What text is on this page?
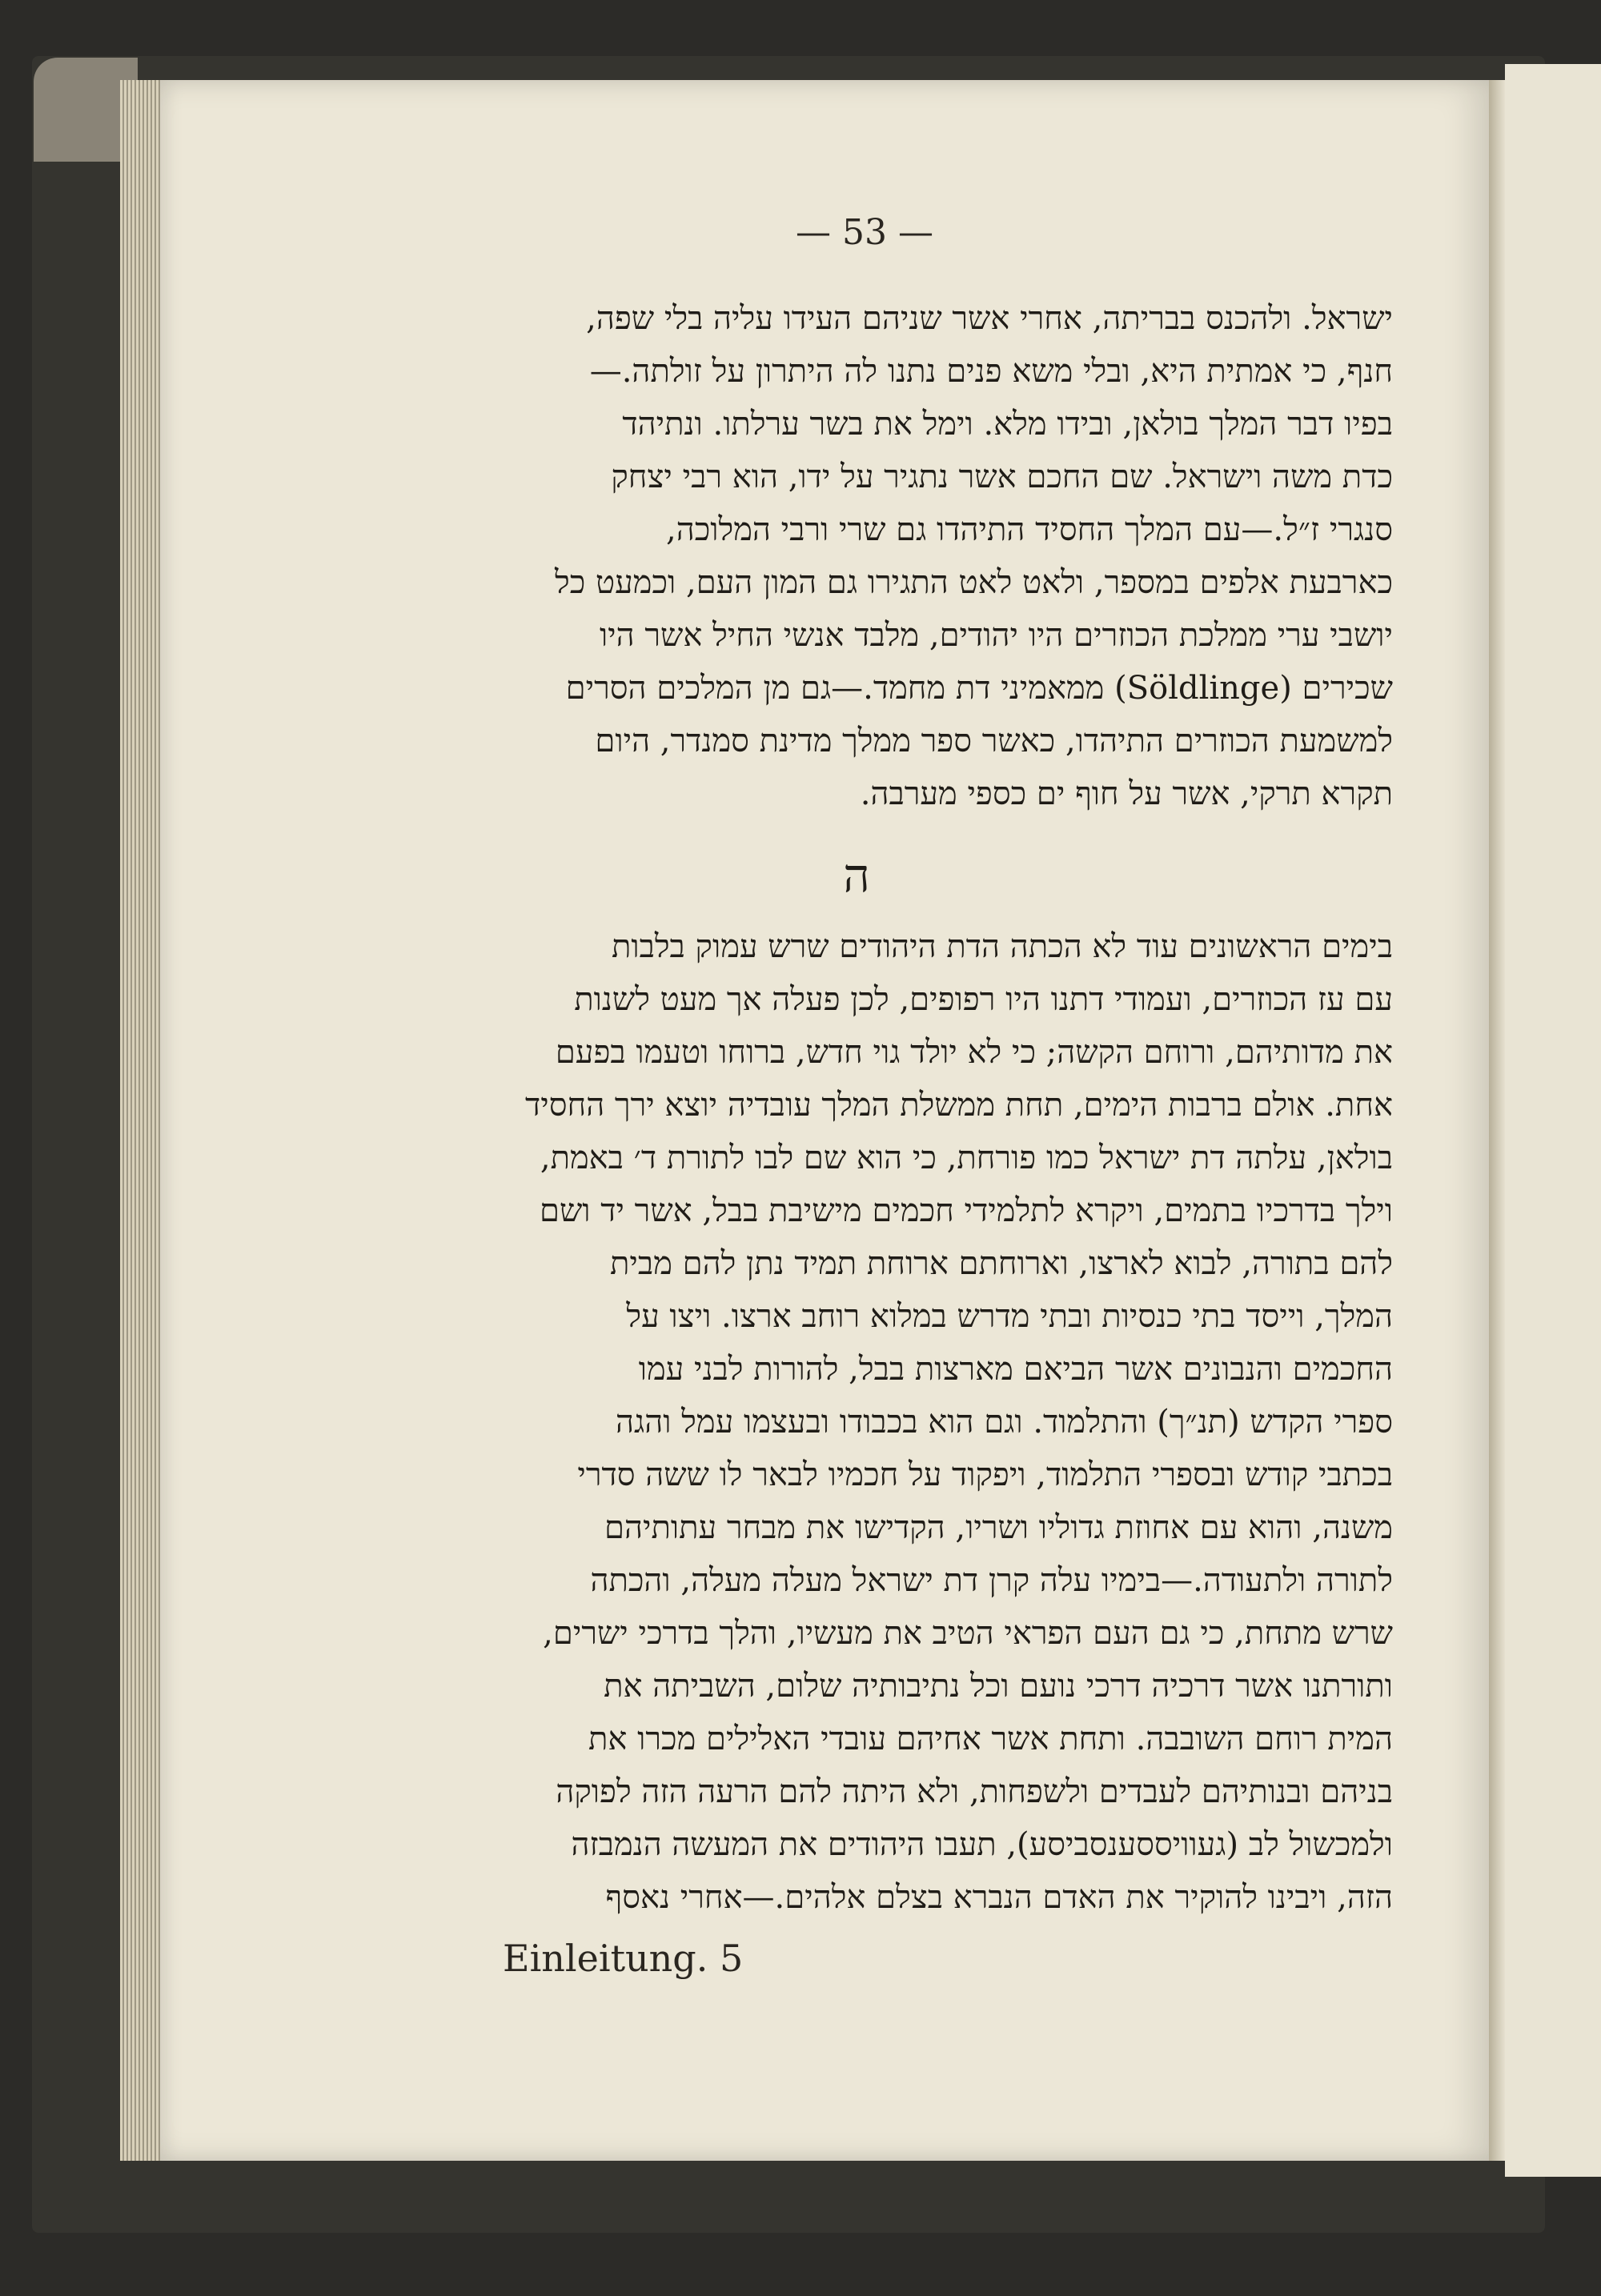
— 53 —
ישראל. ולהכנס בבריתה, אחרי אשר שניהם העידו עליה בלי שפה,
חנף, כי אמתית היא, ובלי משא פנים נתנו לה היתרון על זולתה.—
בפיו דבר המלך בולאן, ובידו מלא. וימל את בשר ערלתו. ונתיהד
כדת משה וישראל. שם החכם אשר נתגיר על ידו, הוא רבי יצחק
סנגרי ז״ל.—עם המלך החסיד התיהדו גם שרי ורבי המלוכה,
כארבעת אלפים במספר, ולאט לאט התגירו גם המון העם, וכמעט כל
יושבי ערי ממלכת הכוזרים היו יהודים, מלבד אנשי החיל אשר היו
שכירים (Söldlinge) ממאמיני דת מחמד.—גם מן המלכים הסרים
למשמעת הכוזרים התיהדו, כאשר ספר ממלך מדינת סמנדר, היום
תקרא תרקי, אשר על חוף ים כספי מערבה.
ה
בימים הראשונים עוד לא הכתה הדת היהודים שרש עמוק בלבות
עם עז הכוזרים, ועמודי דתנו היו רפופים, לכן פעלה אך מעט לשנות
את מדותיהם, ורוחם הקשה; כי לא יולד גוי חדש, ברוחו וטעמו בפעם
אחת. אולם ברבות הימים, תחת ממשלת המלך עובדיה יוצא ירך החסיד
בולאן, עלתה דת ישראל כמו פורחת, כי הוא שם לבו לתורת ד׳ באמת,
וילך בדרכיו בתמים, ויקרא לתלמידי חכמים מישיבת בבל, אשר יד ושם
להם בתורה, לבוא לארצו, וארוחתם ארוחת תמיד נתן להם מבית
המלך, וייסד בתי כנסיות ובתי מדרש במלוא רוחב ארצו. ויצו על
החכמים והנבונים אשר הביאם מארצות בבל, להורות לבני עמו
ספרי הקדש (תנ״ך) והתלמוד. וגם הוא בכבודו ובעצמו עמל והגה
בכתבי קודש ובספרי התלמוד, ויפקוד על חכמיו לבאר לו ששה סדרי
משנה, והוא עם אחוזת גדוליו ושריו, הקדישו את מבחר עתותיהם
לתורה ולתעודה.—בימיו עלה קרן דת ישראל מעלה מעלה, והכתה
שרש מתחת, כי גם העם הפראי הטיב את מעשיו, והלך בדרכי ישרים,
ותורתנו אשר דרכיה דרכי נועם וכל נתיבותיה שלום, השביתה את
המית רוחם השובבה. ותחת אשר אחיהם עובדי האלילים מכרו את
בניהם ובנותיהם לעבדים ולשפחות, ולא היתה להם הרעה הזה לפוקה
ולמכשול לב (געוויססענסביסע), תעבו היהודים את המעשה הנמבזה
הזה, ויבינו להוקיר את האדם הנברא בצלם אלהים.—אחרי נאסף
Einleitung. 5
